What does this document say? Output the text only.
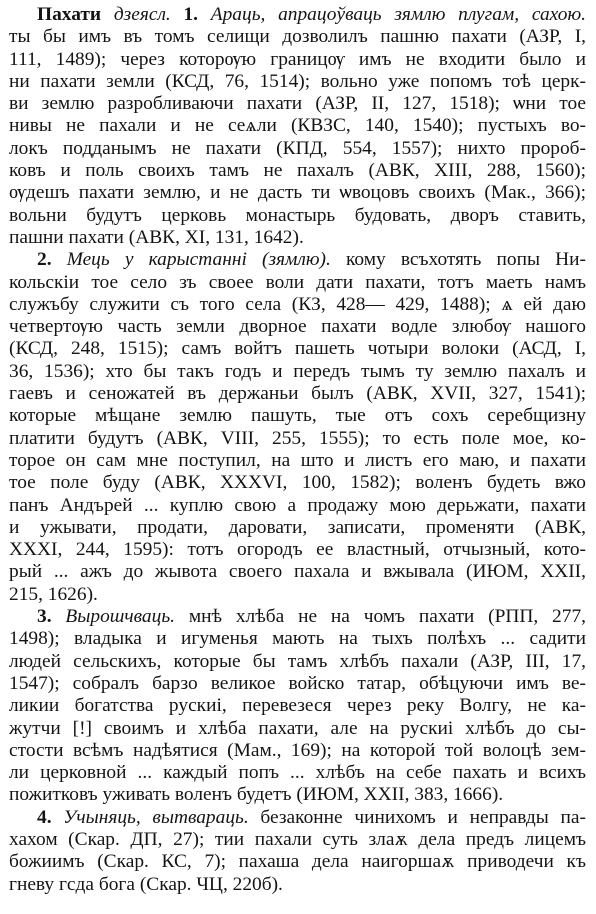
Пахати дзеясл. 1. Араць, апрацоўваць зямлю плугам, сахою.
ты бы имъ въ томъ селищи дозволилъ пашню пахати (АЗР, I,
111, 1489); через которѹю границѹ имъ не входити было и
ни пахати земли (КСД, 76, 1514); вольно уже попомъ тоѣ церк-
ви землю разробливаючи пахати (АЗР, II, 127, 1518); ѡни тое
нивы не пахали и не сеѧли (КВЗС, 140, 1540); пустыхъ во-
локъ подданымъ не пахати (КПД, 554, 1557); нихто пророб-
ковъ и поль своихъ тамъ не пахалъ (АВК, XIII, 288, 1560);
ѹдешъ пахати землю, и не дасть ти ѡвоцовъ своихъ (Мак., 366);
вольни будутъ церковь монастырь будовать, дворъ ставить,
пашни пахати (АВК, XI, 131, 1642).
2. Мець у карыстанні (зямлю). кому всъхотять попы Ни-
кольскіи тое село зъ своее воли дати пахати, тотъ маеть намъ
служъбу служити съ того села (КЗ, 428— 429, 1488); ѧ ей даю
четвертѹю часть земли дворное пахати водле злюбѹ нашого
(КСД, 248, 1515); самъ войтъ пашеть чотыри волоки (АСД, I,
36, 1536); хто бы такъ годъ и передъ тымъ ту землю пахалъ и
гаевъ и сеножатей въ держаньи былъ (АВК, XVII, 327, 1541);
которые мѣщане землю пашуть, тые отъ сохъ серебщизну
платити будутъ (АВК, VIII, 255, 1555); то есть поле мое, ко-
торое он сам мне поступил, на што и листъ его маю, и пахати
тое поле будy (АВК, XXXVI, 100, 1582); воленъ будеть вжо
панъ Андърей ... куплю свою а продажу мою дерьжати, пахати
и ужывати, продати, даровати, записати, променяти (АВК,
XXXI, 244, 1595): тотъ огородъ ее властный, отчызный, кото-
рый ... ажъ до жывота своего пахала и вжывала (ИЮМ, XXII,
215, 1626).
3. Вырошчваць. мнѣ хлѣба не на чомъ пахати (РПП, 277,
1498); владыка и игуменья мають на тыхъ полѣхъ ... садити
людей сельскихъ, которые бы тамъ хлѣбъ пахали (АЗР, III, 17,
1547); собралъ барзо великое войско татар, обѣцуючи имъ ве-
ликии богатства рускиі, перевезеся через реку Волгу, не ка-
жутчи [!] своимъ и хлѣба пахати, але на рускиі хлѣбъ до сы-
стости всѣмъ надѣятися (Мам., 169); на которой той волоцѣ зем-
ли церковной ... каждый попъ ... хлѣбъ на себе пахать и всихъ
пожитковъ уживать воленъ будетъ (ИЮМ, XXII, 383, 1666).
4. Учыняць, вытвараць. безаконне чинихомъ и неправды па-
хахом (Скар. ДП, 27); тии пахали суть злаѫ дела предъ лицемъ
божиимъ (Скар. КС, 7); пахаша дела наигоршаѫ приводечи къ
гневу гсда бога (Скар. ЧЦ, 220б).
